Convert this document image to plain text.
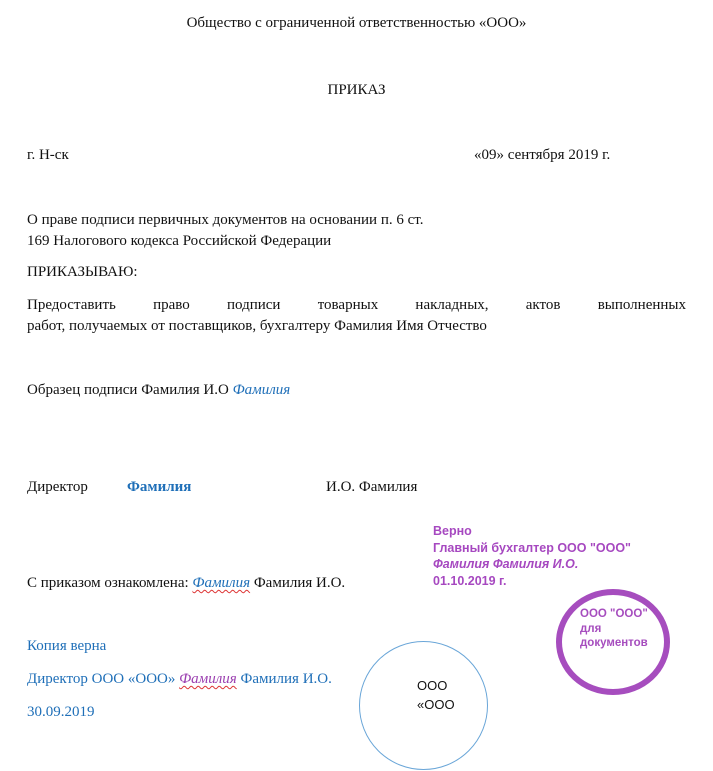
Общество с ограниченной ответственностью «ООО»
ПРИКАЗ
г. Н-ск	«09» сентября 2019 г.
О праве подписи первичных документов на основании п. 6 ст.
169 Налогового кодекса Российской Федерации
ПРИКАЗЫВАЮ:
Предоставить право подписи товарных накладных, актов выполненных
работ, получаемых от поставщиков, бухгалтеру Фамилия Имя Отчество
Образец подписи Фамилия И.О Фамилия
Директор	Фамилия	И.О. Фамилия
Верно
Главный бухгалтер ООО "ООО"
Фамилия Фамилия И.О.
01.10.2019 г.
С приказом ознакомлена: Фамилия Фамилия И.О.
ООО "ООО"
для
документов
Копия верна
Директор ООО «ООО» Фамилия Фамилия И.О.
30.09.2019
ООО
«ООО
